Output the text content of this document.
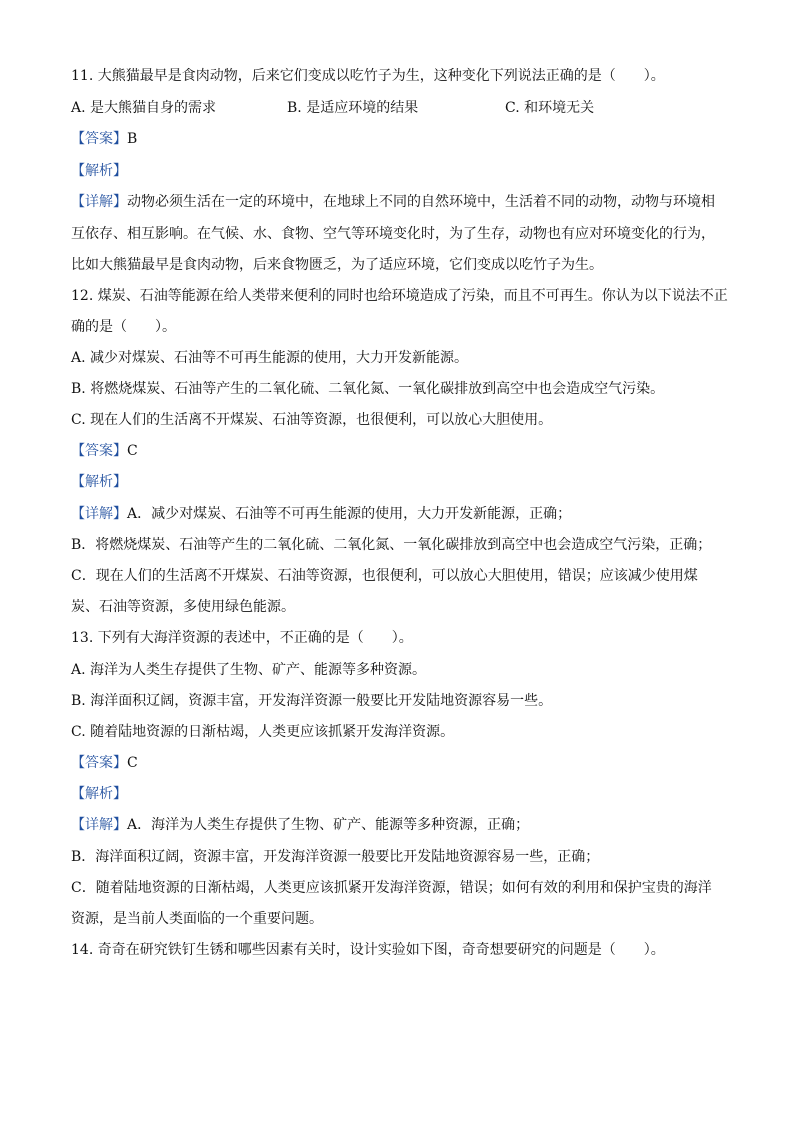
11. 大熊猫最早是食肉动物，后来它们变成以吃竹子为生，这种变化下列说法正确的是（　　）。
A. 是大熊猫自身的需求	B. 是适应环境的结果	C. 和环境无关
【答案】B
【解析】
【详解】动物必须生活在一定的环境中，在地球上不同的自然环境中，生活着不同的动物，动物与环境相
互依存、相互影响。在气候、水、食物、空气等环境变化时，为了生存，动物也有应对环境变化的行为，
比如大熊猫最早是食肉动物，后来食物匮乏，为了适应环境，它们变成以吃竹子为生。
12. 煤炭、石油等能源在给人类带来便利的同时也给环境造成了污染，而且不可再生。你认为以下说法不正
确的是（　　）。
A. 减少对煤炭、石油等不可再生能源的使用，大力开发新能源。
B. 将燃烧煤炭、石油等产生的二氧化硫、二氧化氮、一氧化碳排放到高空中也会造成空气污染。
C. 现在人们的生活离不开煤炭、石油等资源，也很便利，可以放心大胆使用。
【答案】C
【解析】
【详解】A．减少对煤炭、石油等不可再生能源的使用，大力开发新能源，正确；
B．将燃烧煤炭、石油等产生的二氧化硫、二氧化氮、一氧化碳排放到高空中也会造成空气污染，正确；
C．现在人们的生活离不开煤炭、石油等资源，也很便利，可以放心大胆使用，错误；应该减少使用煤
炭、石油等资源，多使用绿色能源。
13. 下列有大海洋资源的表述中，不正确的是（　　）。
A. 海洋为人类生存提供了生物、矿产、能源等多种资源。
B. 海洋面积辽阔，资源丰富，开发海洋资源一般要比开发陆地资源容易一些。
C. 随着陆地资源的日渐枯竭，人类更应该抓紧开发海洋资源。
【答案】C
【解析】
【详解】A．海洋为人类生存提供了生物、矿产、能源等多种资源，正确；
B．海洋面积辽阔，资源丰富，开发海洋资源一般要比开发陆地资源容易一些，正确；
C．随着陆地资源的日渐枯竭，人类更应该抓紧开发海洋资源，错误；如何有效的利用和保护宝贵的海洋
资源，是当前人类面临的一个重要问题。
14. 奇奇在研究铁钉生锈和哪些因素有关时，设计实验如下图，奇奇想要研究的问题是（　　）。
